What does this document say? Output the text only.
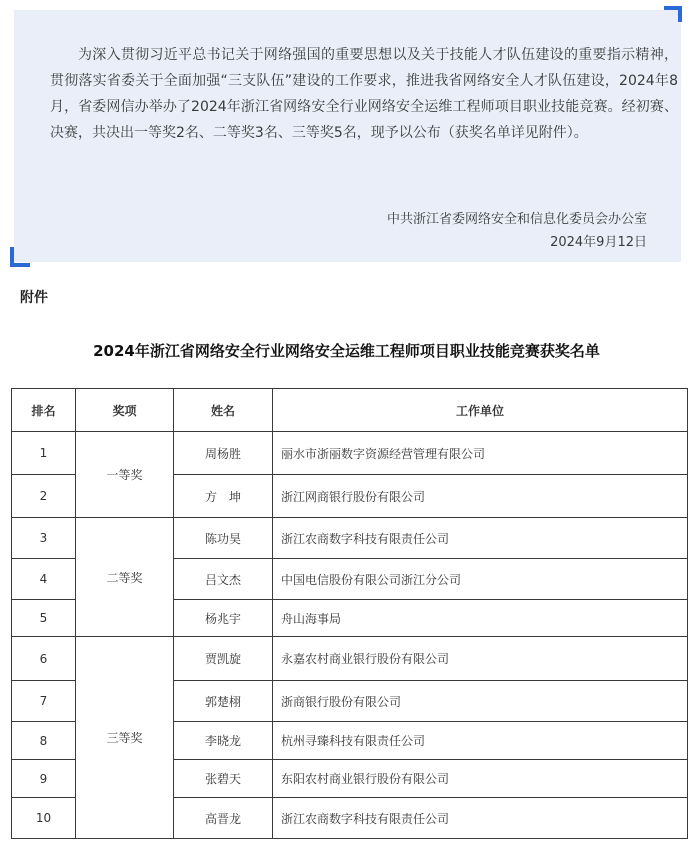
为深入贯彻习近平总书记关于网络强国的重要思想以及关于技能人才队伍建设的重要指示精神，贯彻落实省委关于全面加强“三支队伍”建设的工作要求，推进我省网络安全人才队伍建设，2024年8月，省委网信办举办了2024年浙江省网络安全行业网络安全运维工程师项目职业技能竞赛。经初赛、决赛，共决出一等奖2名、二等奖3名、三等奖5名，现予以公布（获奖名单详见附件）。

中共浙江省委网络安全和信息化委员会办公室
2024年9月12日
附件
2024年浙江省网络安全行业网络安全运维工程师项目职业技能竞赛获奖名单
排名	奖项	姓名	工作单位
1	一等奖	周杨胜	丽水市浙丽数字资源经营管理有限公司
2		方　坤	浙江网商银行股份有限公司
3	二等奖	陈功昊	浙江农商数字科技有限责任公司
4		吕文杰	中国电信股份有限公司浙江分公司
5		杨兆宇	舟山海事局
6	三等奖	贾凯旋	永嘉农村商业银行股份有限公司
7		郭楚栩	浙商银行股份有限公司
8		李晓龙	杭州寻臻科技有限责任公司
9		张碧天	东阳农村商业银行股份有限公司
10		高晋龙	浙江农商数字科技有限责任公司
